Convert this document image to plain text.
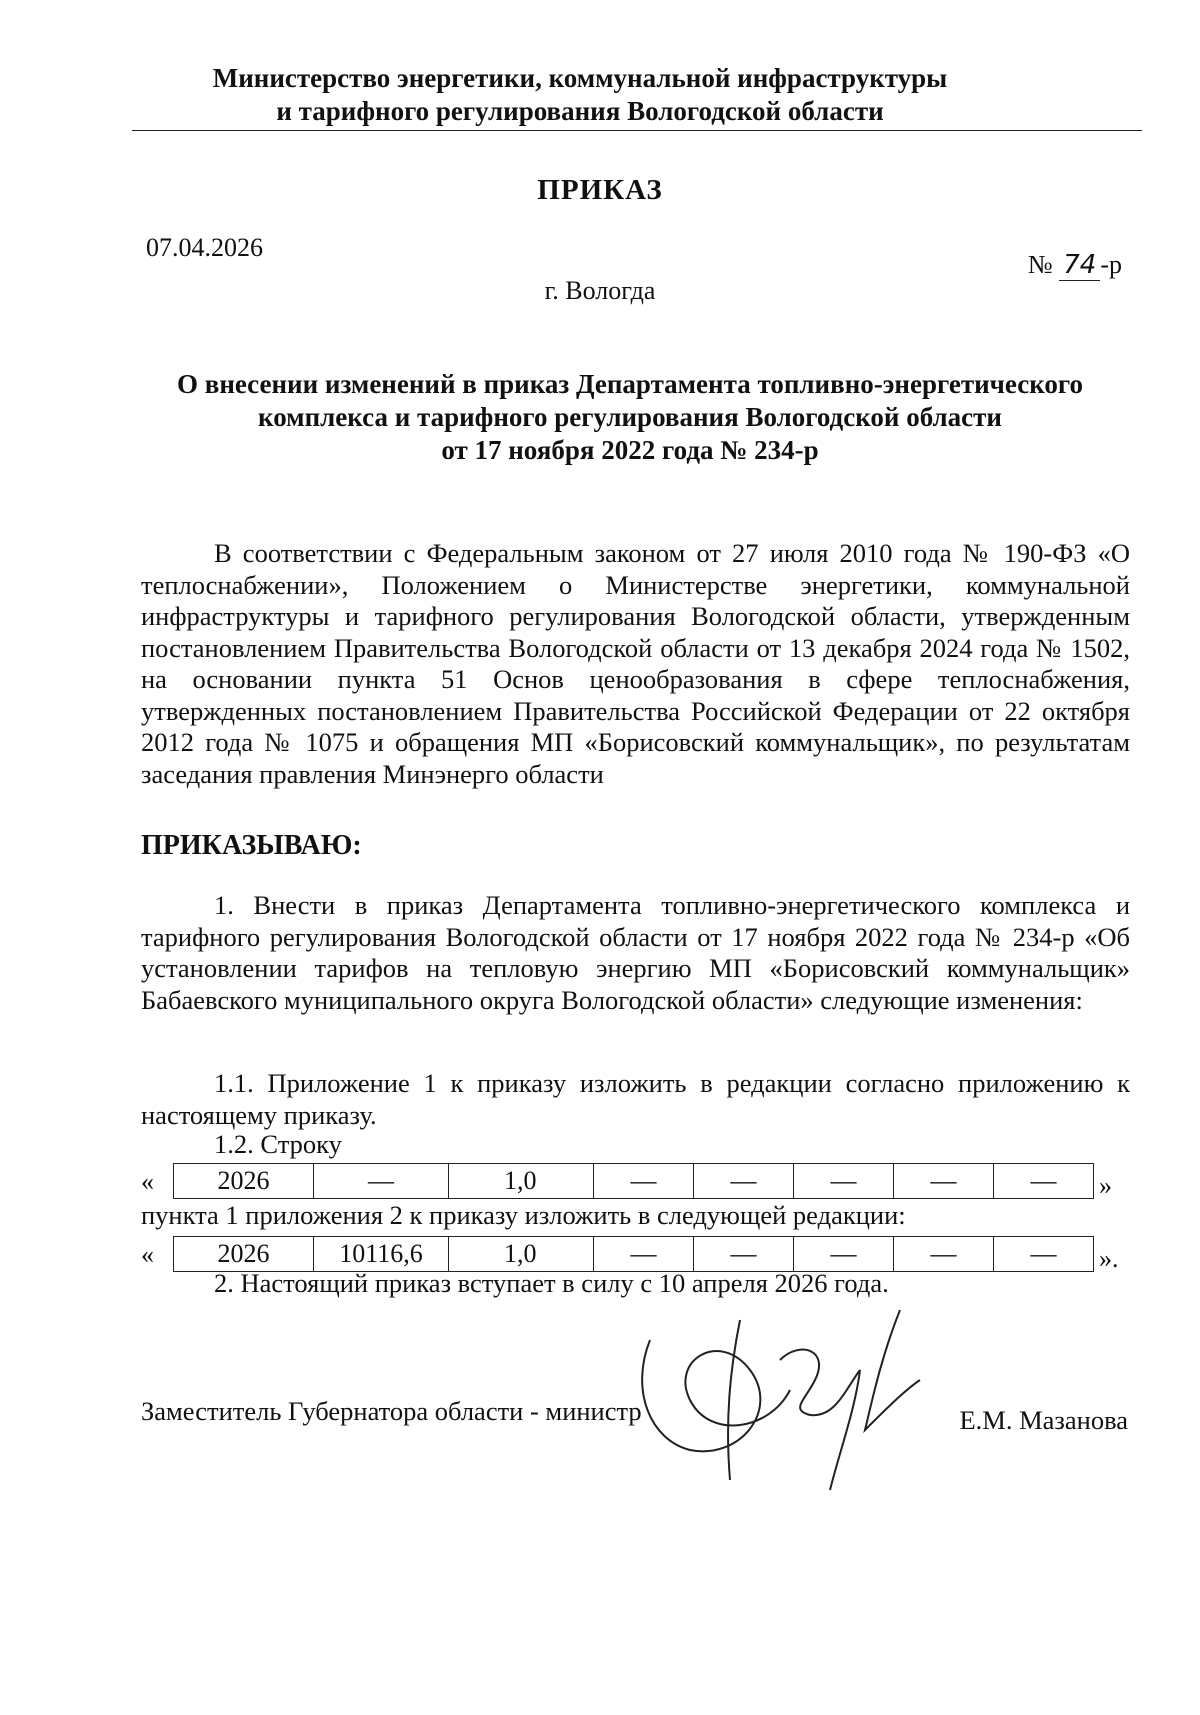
Министерство энергетики, коммунальной инфраструктуры
и тарифного регулирования Вологодской области
ПРИКАЗ
07.04.2026
№ 74 -р
г. Вологда
О внесении изменений в приказ Департамента топливно-энергетического
комплекса и тарифного регулирования Вологодской области
от 17 ноября 2022 года № 234-р
В соответствии с Федеральным законом от 27 июля 2010 года № 190-ФЗ «О теплоснабжении», Положением о Министерстве энергетики, коммунальной инфраструктуры и тарифного регулирования Вологодской области, утвержденным постановлением Правительства Вологодской области от 13 декабря 2024 года № 1502, на основании пункта 51 Основ ценообразования в сфере теплоснабжения, утвержденных постановлением Правительства Российской Федерации от 22 октября 2012 года № 1075 и обращения МП «Борисовский коммунальщик», по результатам заседания правления Минэнерго области
ПРИКАЗЫВАЮ:
1. Внести в приказ Департамента топливно-энергетического комплекса и тарифного регулирования Вологодской области от 17 ноября 2022 года № 234-р «Об установлении тарифов на тепловую энергию МП «Борисовский коммунальщик» Бабаевского муниципального округа Вологодской области» следующие изменения:
1.1. Приложение 1 к приказу изложить в редакции согласно приложению к настоящему приказу.
1.2. Строку
« 2026	—	1,0	—	—	—	—	— »
пункта 1 приложения 2 к приказу изложить в следующей редакции:
« 2026	10116,6	1,0	—	—	—	—	— ».
2. Настоящий приказ вступает в силу с 10 апреля 2026 года.
Заместитель Губернатора области - министр	Е.М. Мазанова
